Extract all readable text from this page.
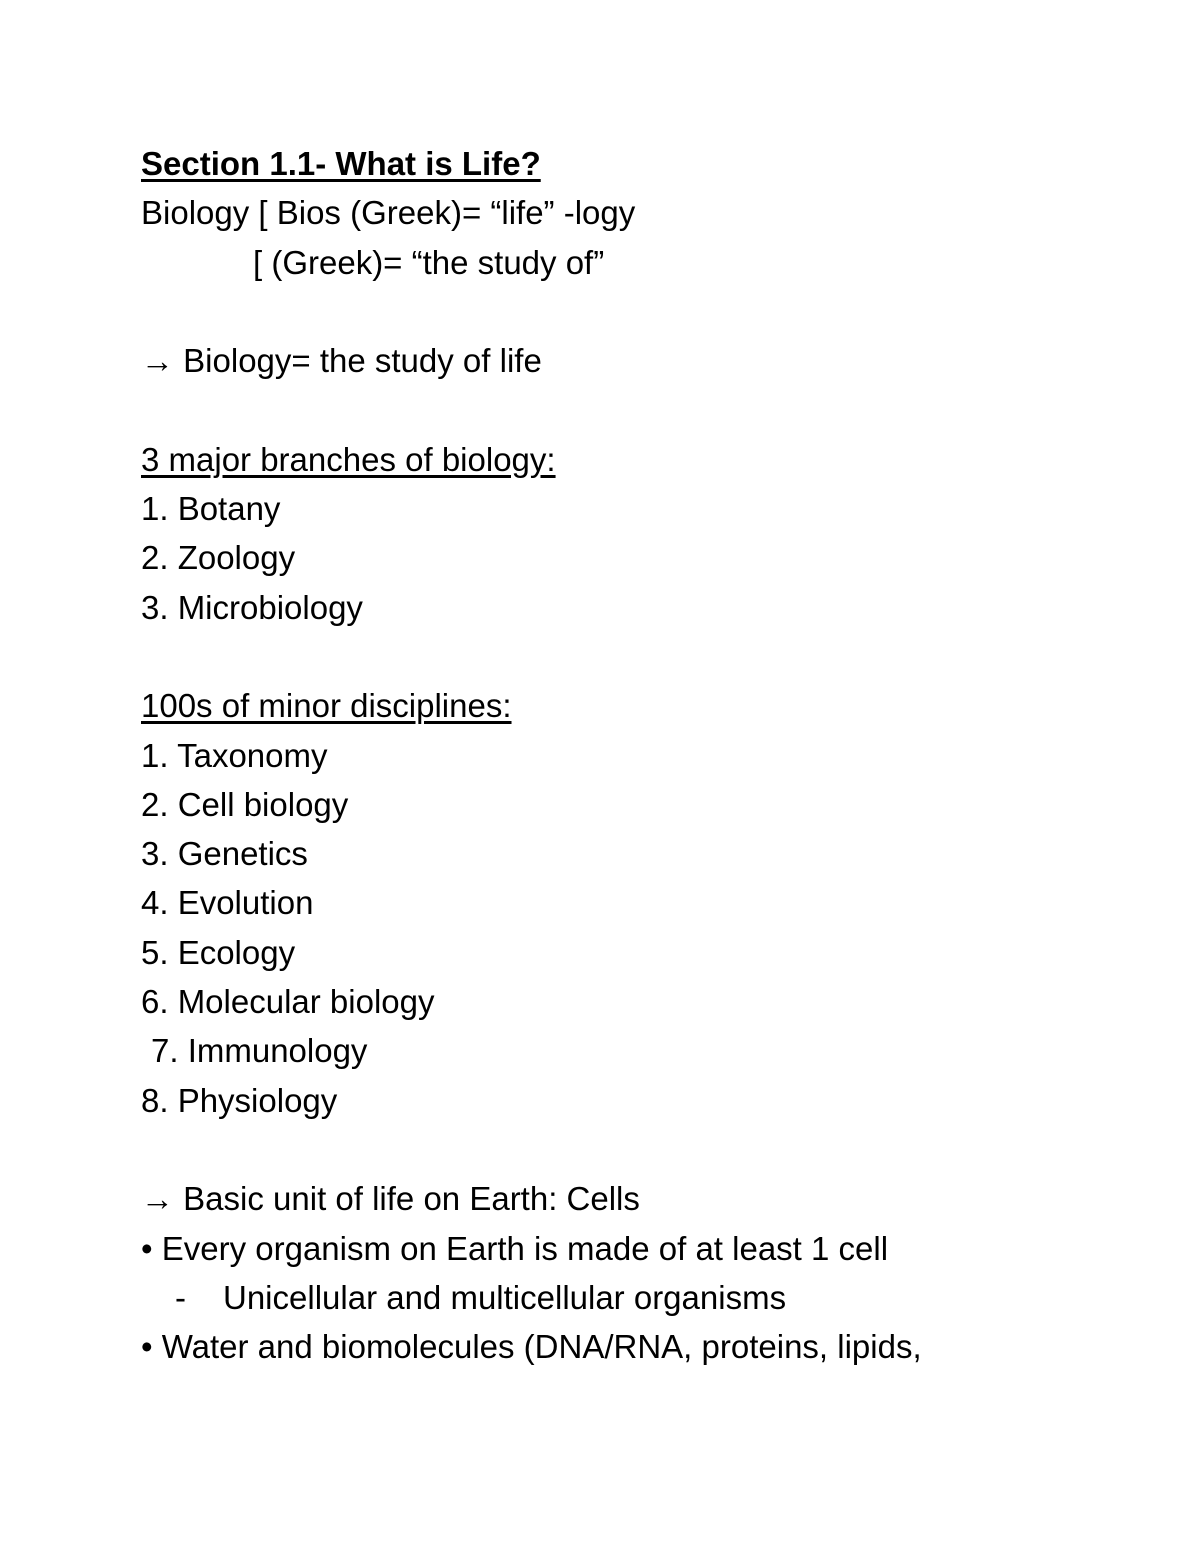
Section 1.1- What is Life?
Biology [ Bios (Greek)= “life” -logy
[ (Greek)= “the study of”
→ Biology= the study of life
3 major branches of biology:
1. Botany
2. Zoology
3. Microbiology
100s of minor disciplines:
1. Taxonomy
2. Cell biology
3. Genetics
4. Evolution
5. Ecology
6. Molecular biology
7. Immunology
8. Physiology
→ Basic unit of life on Earth: Cells
• Every organism on Earth is made of at least 1 cell
- Unicellular and multicellular organisms
• Water and biomolecules (DNA/RNA, proteins, lipids,
